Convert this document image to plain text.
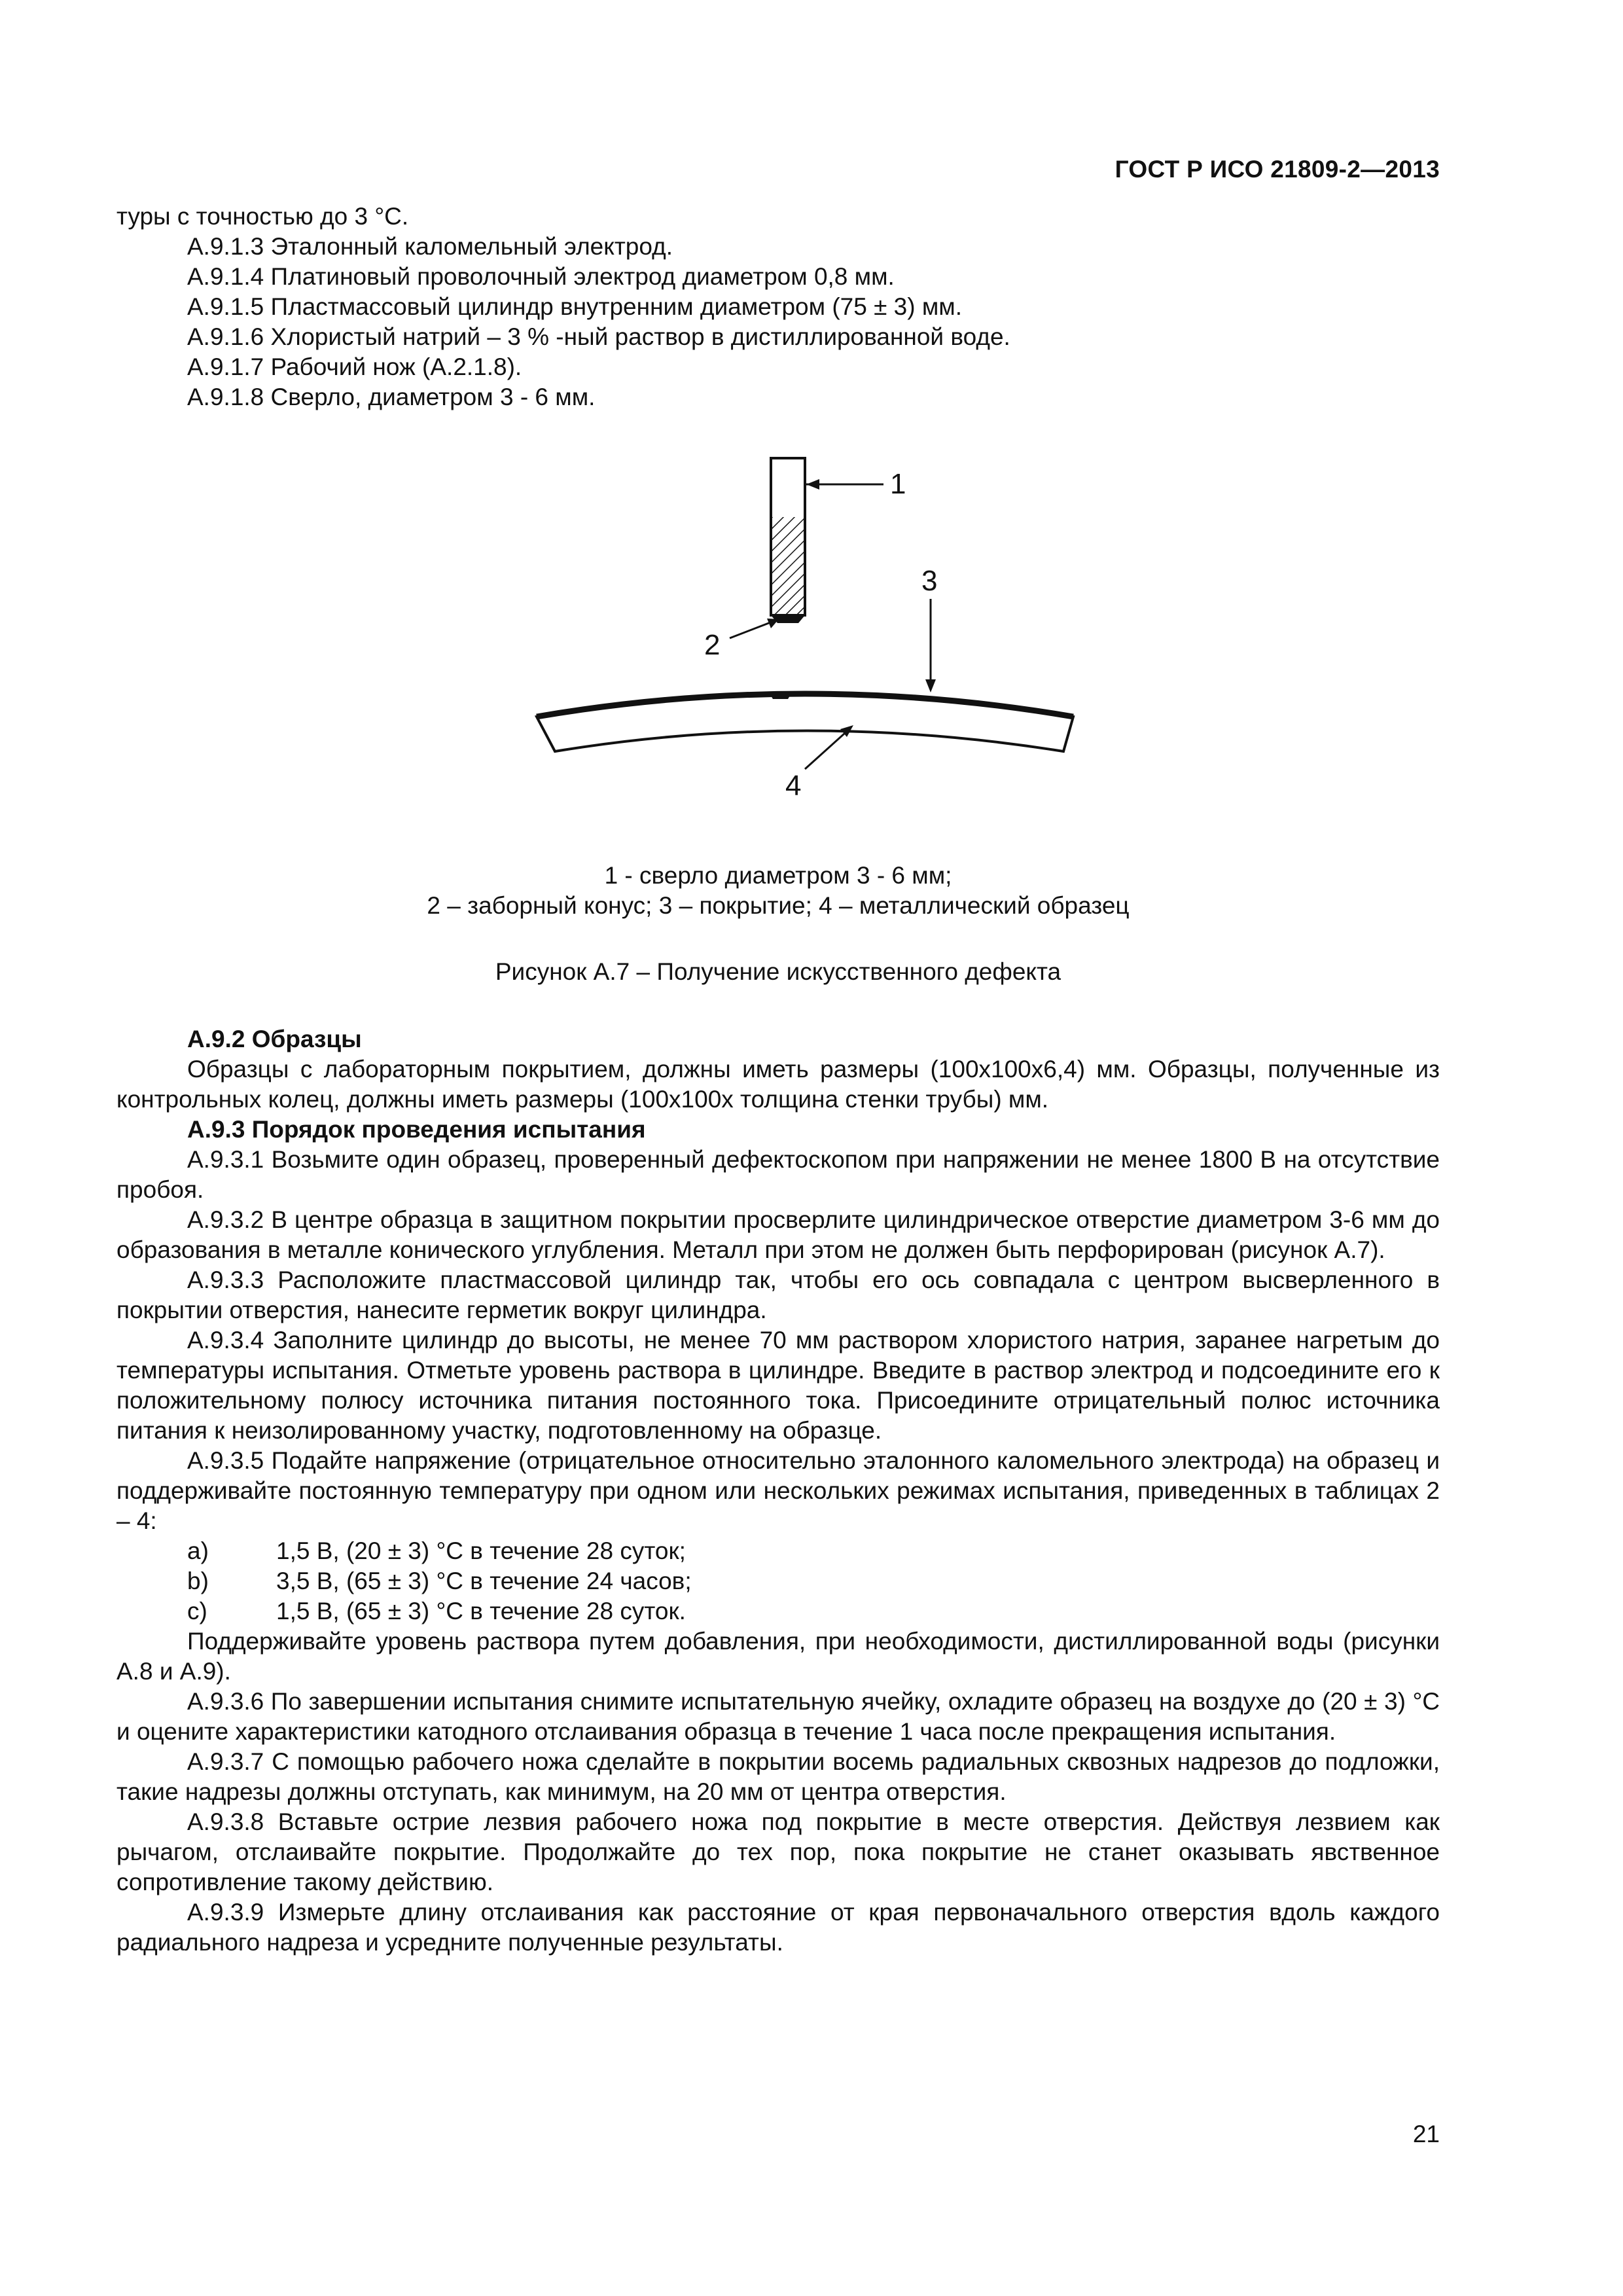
ГОСТ Р ИСО 21809-2—2013
туры с точностью до 3 °С.
А.9.1.3 Эталонный каломельный электрод.
А.9.1.4 Платиновый проволочный электрод диаметром 0,8 мм.
А.9.1.5 Пластмассовый цилиндр внутренним диаметром (75 ± 3) мм.
А.9.1.6 Хлористый натрий – 3 % -ный раствор в дистиллированной воде.
А.9.1.7 Рабочий нож (А.2.1.8).
А.9.1.8 Сверло, диаметром 3 - 6 мм.
1
2
3
4
1 - сверло диаметром 3 - 6 мм;
2 – заборный конус; 3 – покрытие; 4 – металлический образец
Рисунок А.7 – Получение искусственного дефекта
А.9.2 Образцы

Образцы с лабораторным покрытием, должны иметь размеры (100х100х6,4) мм. Образцы, полученные из контрольных колец, должны иметь размеры (100х100х толщина стенки трубы) мм.

А.9.3 Порядок проведения испытания

А.9.3.1 Возьмите один образец, проверенный дефектоскопом при напряжении не менее 1800 В на отсутствие пробоя.

А.9.3.2 В центре образца в защитном покрытии просверлите цилиндрическое отверстие диаметром 3-6 мм до образования в металле конического углубления. Металл при этом не должен быть перфорирован (рисунок А.7).

А.9.3.3 Расположите пластмассовой цилиндр так, чтобы его ось совпадала с центром высверленного в покрытии отверстия, нанесите герметик вокруг цилиндра.

А.9.3.4 Заполните цилиндр до высоты, не менее 70 мм раствором хлористого натрия, заранее нагретым до температуры испытания. Отметьте уровень раствора в цилиндре. Введите в раствор электрод и подсоедините его к положительному полюсу источника питания постоянного тока. Присоедините отрицательный полюс источника питания к неизолированному участку, подготовленному на образце.

А.9.3.5 Подайте напряжение (отрицательное относительно эталонного каломельного электрода) на образец и поддерживайте постоянную температуру при одном или нескольких режимах испытания, приведенных в таблицах 2 – 4:

a)	1,5 В, (20 ± 3) °С в течение 28 суток;
b)	3,5 В, (65 ± 3) °С в течение 24 часов;
c)	1,5 В, (65 ± 3) °С в течение 28 суток.

Поддерживайте уровень раствора путем добавления, при необходимости, дистиллированной воды (рисунки А.8 и А.9).

А.9.3.6 По завершении испытания снимите испытательную ячейку, охладите образец на воздухе до (20 ± 3) °С и оцените характеристики катодного отслаивания образца в течение 1 часа после прекращения испытания.

А.9.3.7 С помощью рабочего ножа сделайте в покрытии восемь радиальных сквозных надрезов до подложки, такие надрезы должны отступать, как минимум, на 20 мм от центра отверстия.

А.9.3.8 Вставьте острие лезвия рабочего ножа под покрытие в месте отверстия. Действуя лезвием как рычагом, отслаивайте покрытие. Продолжайте до тех пор, пока покрытие не станет оказывать явственное сопротивление такому действию.

А.9.3.9 Измерьте длину отслаивания как расстояние от края первоначального отверстия вдоль каждого радиального надреза и усредните полученные результаты.

21
